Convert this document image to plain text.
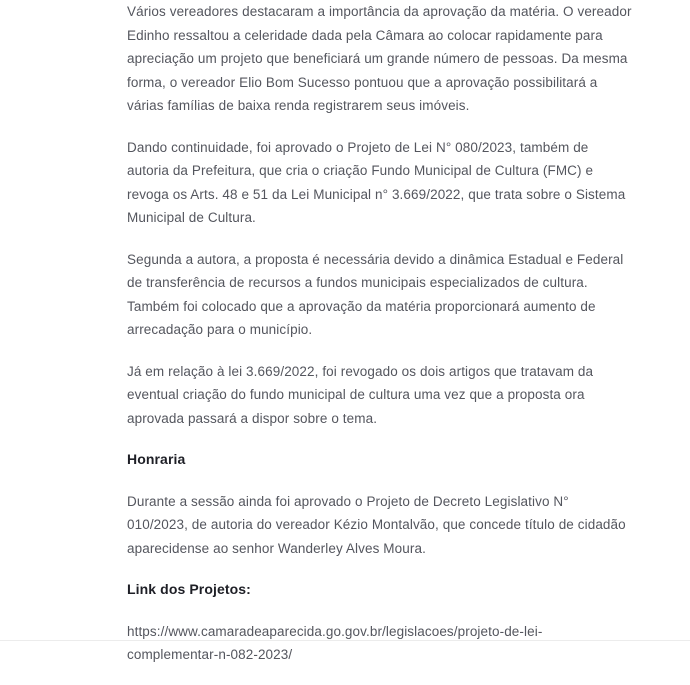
Vários vereadores destacaram a importância da aprovação da matéria. O vereador Edinho ressaltou a celeridade dada pela Câmara ao colocar rapidamente para apreciação um projeto que beneficiará um grande número de pessoas. Da mesma forma, o vereador Elio Bom Sucesso pontuou que a aprovação possibilitará a várias famílias de baixa renda registrarem seus imóveis.

Dando continuidade, foi aprovado o Projeto de Lei N° 080/2023, também de autoria da Prefeitura, que cria o criação Fundo Municipal de Cultura (FMC) e revoga os Arts. 48 e 51 da Lei Municipal n° 3.669/2022, que trata sobre o Sistema Municipal de Cultura.

Segunda a autora, a proposta é necessária devido a dinâmica Estadual e Federal de transferência de recursos a fundos municipais especializados de cultura. Também foi colocado que a aprovação da matéria proporcionará aumento de arrecadação para o município.

Já em relação à lei 3.669/2022, foi revogado os dois artigos que tratavam da eventual criação do fundo municipal de cultura uma vez que a proposta ora aprovada passará a dispor sobre o tema.

Honraria

Durante a sessão ainda foi aprovado o Projeto de Decreto Legislativo N° 010/2023, de autoria do vereador Kézio Montalvão, que concede título de cidadão aparecidense ao senhor Wanderley Alves Moura.

Link dos Projetos:

https://www.camaradeaparecida.go.gov.br/legislacoes/projeto-de-lei-complementar-n-082-2023/
